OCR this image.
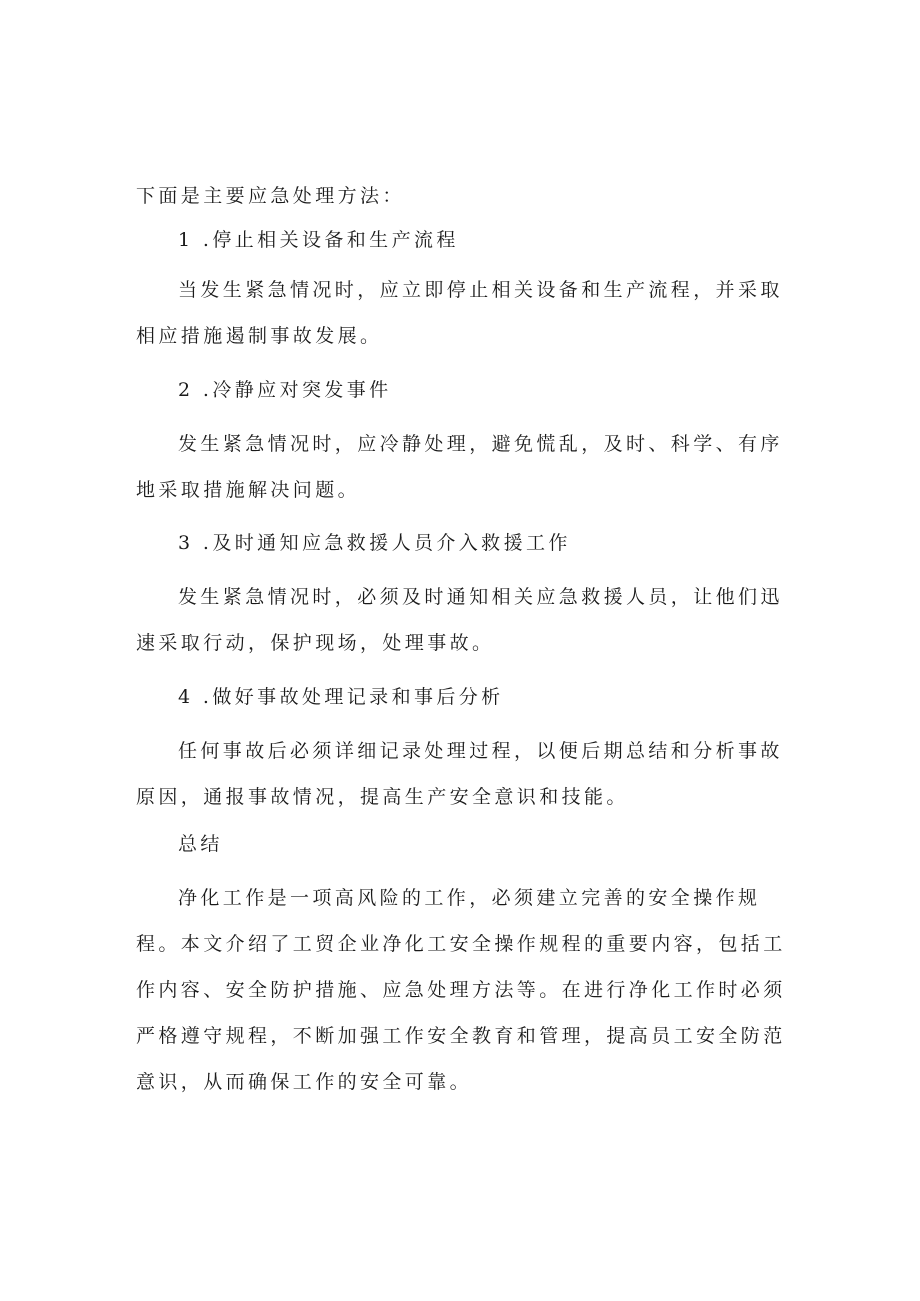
下面是主要应急处理方法：

1 .停止相关设备和生产流程

当发生紧急情况时，应立即停止相关设备和生产流程，并采取相应措施遏制事故发展。

2 .冷静应对突发事件

发生紧急情况时，应冷静处理，避免慌乱，及时、科学、有序地采取措施解决问题。

3 .及时通知应急救援人员介入救援工作

发生紧急情况时，必须及时通知相关应急救援人员，让他们迅速采取行动，保护现场，处理事故。

4 .做好事故处理记录和事后分析

任何事故后必须详细记录处理过程，以便后期总结和分析事故原因，通报事故情况，提高生产安全意识和技能。

总结

净化工作是一项高风险的工作，必须建立完善的安全操作规程。本文介绍了工贸企业净化工安全操作规程的重要内容，包括工作内容、安全防护措施、应急处理方法等。在进行净化工作时必须严格遵守规程，不断加强工作安全教育和管理，提高员工安全防范意识，从而确保工作的安全可靠。
